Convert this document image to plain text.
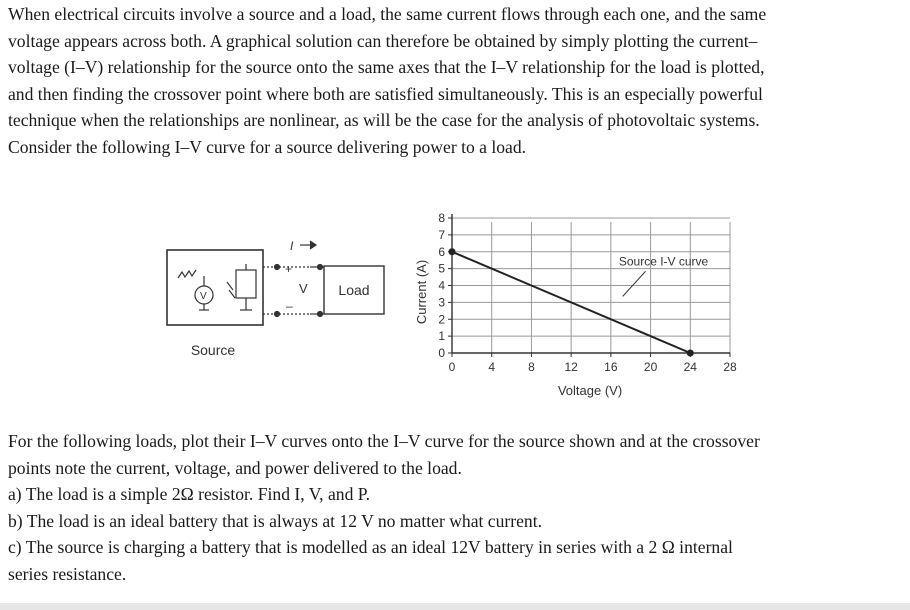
When electrical circuits involve a source and a load, the same current flows through each one, and the same
voltage appears across both. A graphical solution can therefore be obtained by simply plotting the current–
voltage (I–V) relationship for the source onto the same axes that the I–V relationship for the load is plotted,
and then finding the crossover point where both are satisfied simultaneously. This is an especially powerful
technique when the relationships are nonlinear, as will be the case for the analysis of photovoltaic systems.
Consider the following I–V curve for a source delivering power to a load.
I
+
V
–
V	Load
Source	0
1
2
3
4
5
6
7
8
0	4	8 12 16 20 24 28
Source I-V curve
Current (A)
Voltage (V)
For the following loads, plot their I–V curves onto the I–V curve for the source shown and at the crossover
points note the current, voltage, and power delivered to the load.
a) The load is a simple 2Ω resistor. Find I, V, and P.
b) The load is an ideal battery that is always at 12 V no matter what current.
c) The source is charging a battery that is modelled as an ideal 12V battery in series with a 2 Ω internal
series resistance.
